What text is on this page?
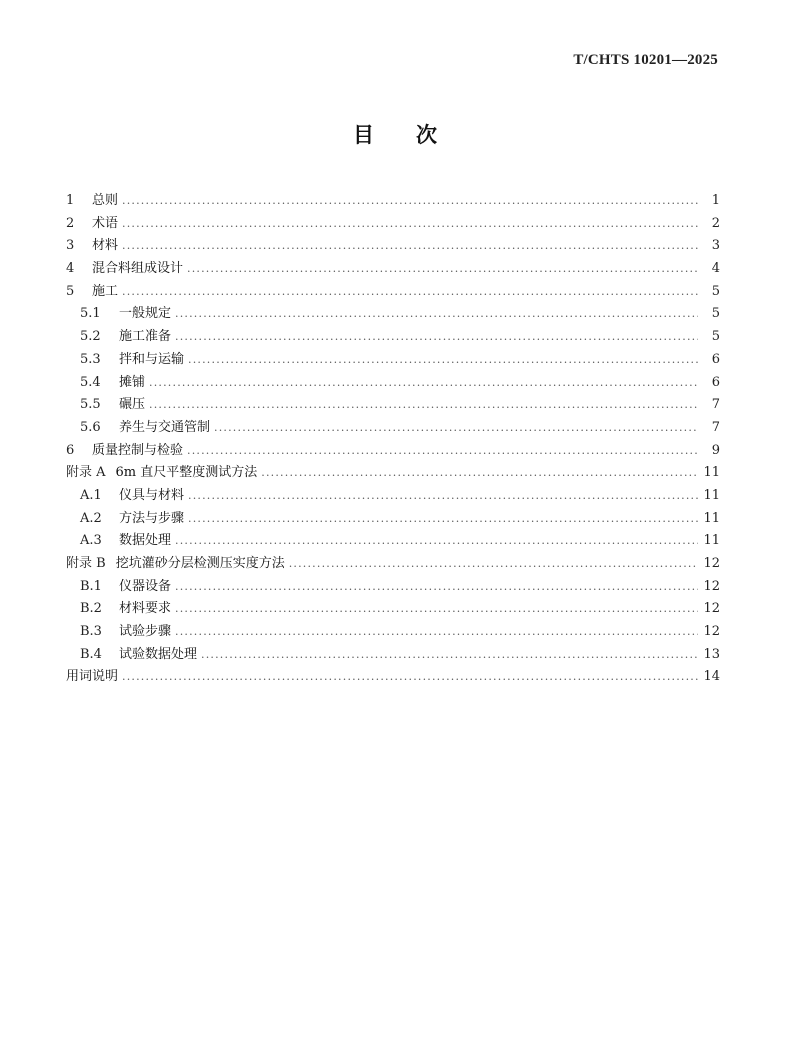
T/CHTS 10201—2025
目 次
1	总则 .....	1
2	术语 .....	2
3	材料 .....	3
4	混合料组成设计 .....	4
5	施工 .....	5
5.1	一般规定 .....	5
5.2	施工准备 .....	5
5.3	拌和与运输 .....	6
5.4	摊铺 .....	6
5.5	碾压 .....	7
5.6	养生与交通管制 .....	7
6	质量控制与检验 .....	9
附录 A 6m 直尺平整度测试方法 .....	11
A.1	仪具与材料 .....	11
A.2	方法与步骤 .....	11
A.3	数据处理 .....	11
附录 B 挖坑灌砂分层检测压实度方法 .....	12
B.1	仪器设备 .....	12
B.2	材料要求 .....	12
B.3	试验步骤 .....	12
B.4	试验数据处理 .....	13
用词说明 .....	14
